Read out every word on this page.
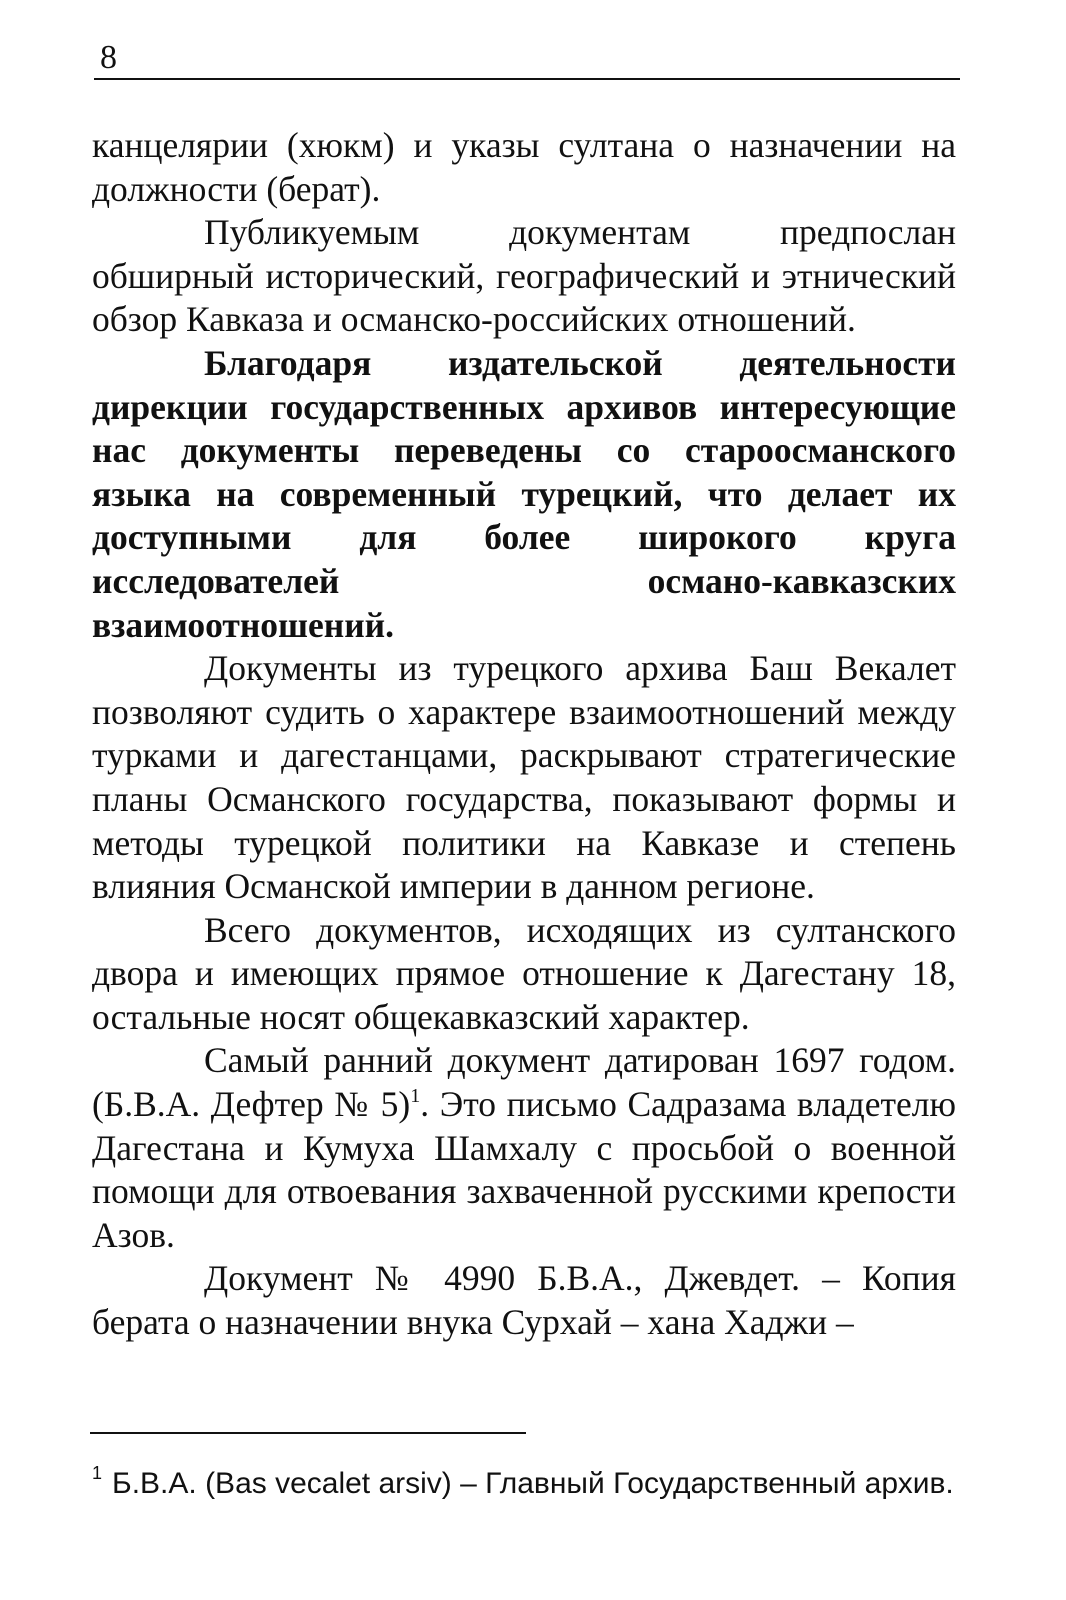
8

канцелярии (хюкм) и указы султана о назначении на должности (берат).

Публикуемым документам предпослан обширный исторический, географический и этнический обзор Кавказа и османско-российских отношений.

Благодаря издательской деятельности дирекции государственных архивов интересующие нас документы переведены со староосманского языка на современный турецкий, что делает их доступными для более широкого круга исследователей османо-кавказских взаимоотношений.

Документы из турецкого архива Баш Векалет позволяют судить о характере взаимоотношений между турками и дагестанцами, раскрывают стратегические планы Османского государства, показывают формы и методы турецкой политики на Кавказе и степень влияния Османской империи в данном регионе.

Всего документов, исходящих из султанского двора и имеющих прямое отношение к Дагестану 18, остальные носят общекавказский характер.

Самый ранний документ датирован 1697 годом. (Б.В.А. Дефтер № 5)$^1$. Это письмо Садразама владетелю Дагестана и Кумуха Шамхалу с просьбой о военной помощи для отвоевания захваченной русскими крепости Азов.

Документ № 4990 Б.В.А., Джевдет. – Копия берата о назначении внука Сурхай – хана Хаджи –

$^1$ Б.В.А. (Bas vecalet arsiv) – Главный Государственный архив.
